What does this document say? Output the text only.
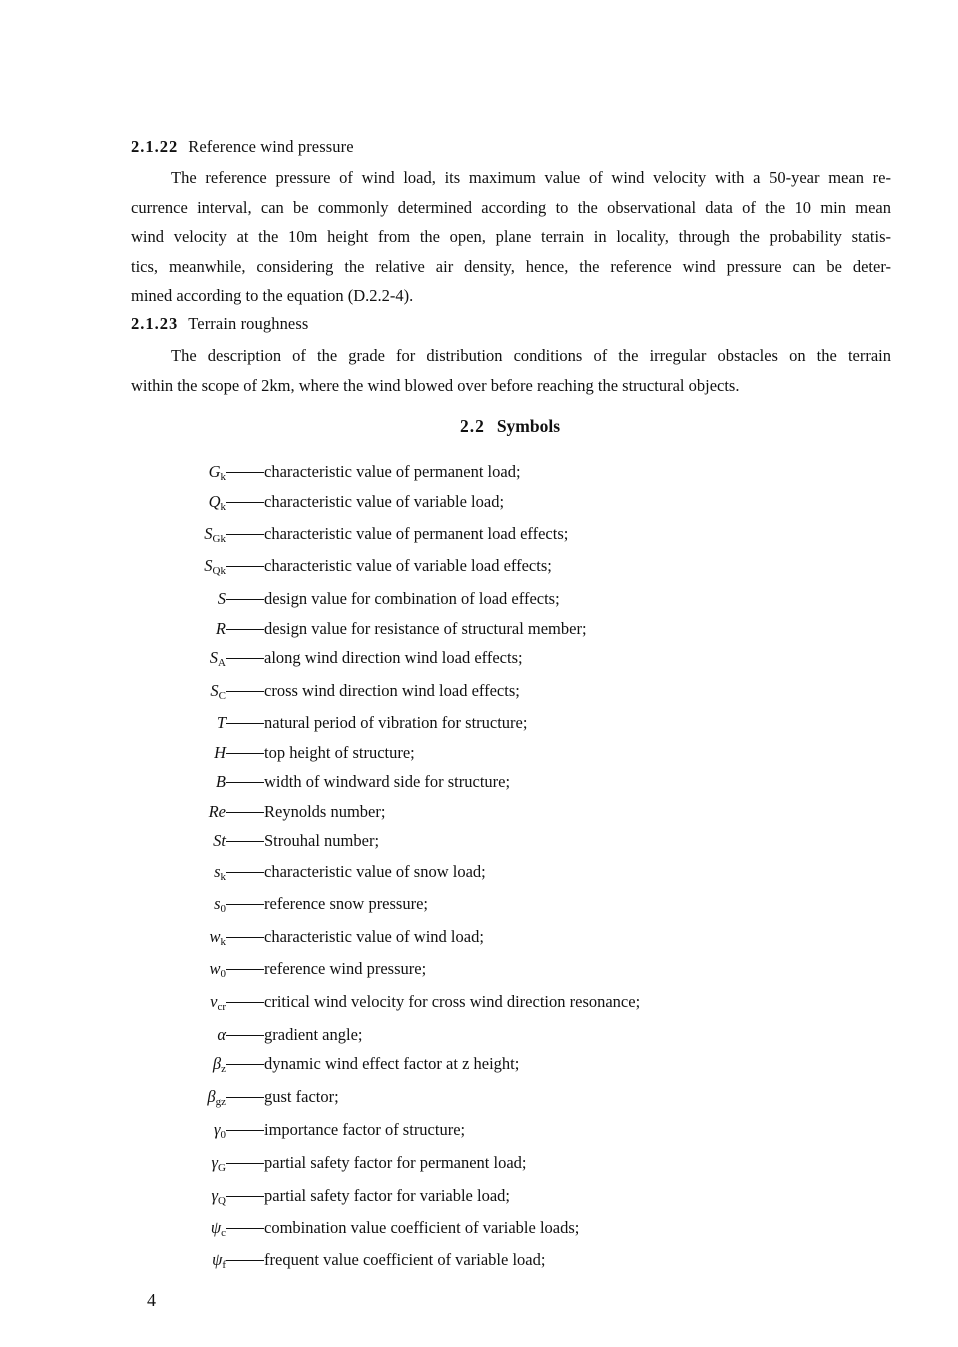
2.1.22 Reference wind pressure
The reference pressure of wind load, its maximum value of wind velocity with a 50-year mean re-
currence interval, can be commonly determined according to the observational data of the 10 min mean
wind velocity at the 10m height from the open, plane terrain in locality, through the probability statis-
tics, meanwhile, considering the relative air density, hence, the reference wind pressure can be deter-
mined according to the equation (D.2.2-4).
2.1.23 Terrain roughness
The description of the grade for distribution conditions of the irregular obstacles on the terrain
within the scope of 2km, where the wind blowed over before reaching the structural objects.
2.2 Symbols
$G_k$ characteristic value of permanent load;
$Q_k$ characteristic value of variable load;
$S_{Gk}$ characteristic value of permanent load effects;
$S_{Qk}$ characteristic value of variable load effects;
S design value for combination of load effects;
R design value for resistance of structural member;
$S_A$ along wind direction wind load effects;
$S_C$ cross wind direction wind load effects;
T natural period of vibration for structure;
H top height of structure;
B width of windward side for structure;
Re Reynolds number;
St Strouhal number;
$s_k$ characteristic value of snow load;
$s_0$ reference snow pressure;
$w_k$ characteristic value of wind load;
$w_0$ reference wind pressure;
$v_{cr}$ critical wind velocity for cross wind direction resonance;
α gradient angle;
$\beta_z$ dynamic wind effect factor at z height;
$\beta_{gz}$ gust factor;
$\gamma_0$ importance factor of structure;
$\gamma_G$ partial safety factor for permanent load;
$\gamma_Q$ partial safety factor for variable load;
$\psi_c$ combination value coefficient of variable loads;
$\psi_f$ frequent value coefficient of variable load;
4
